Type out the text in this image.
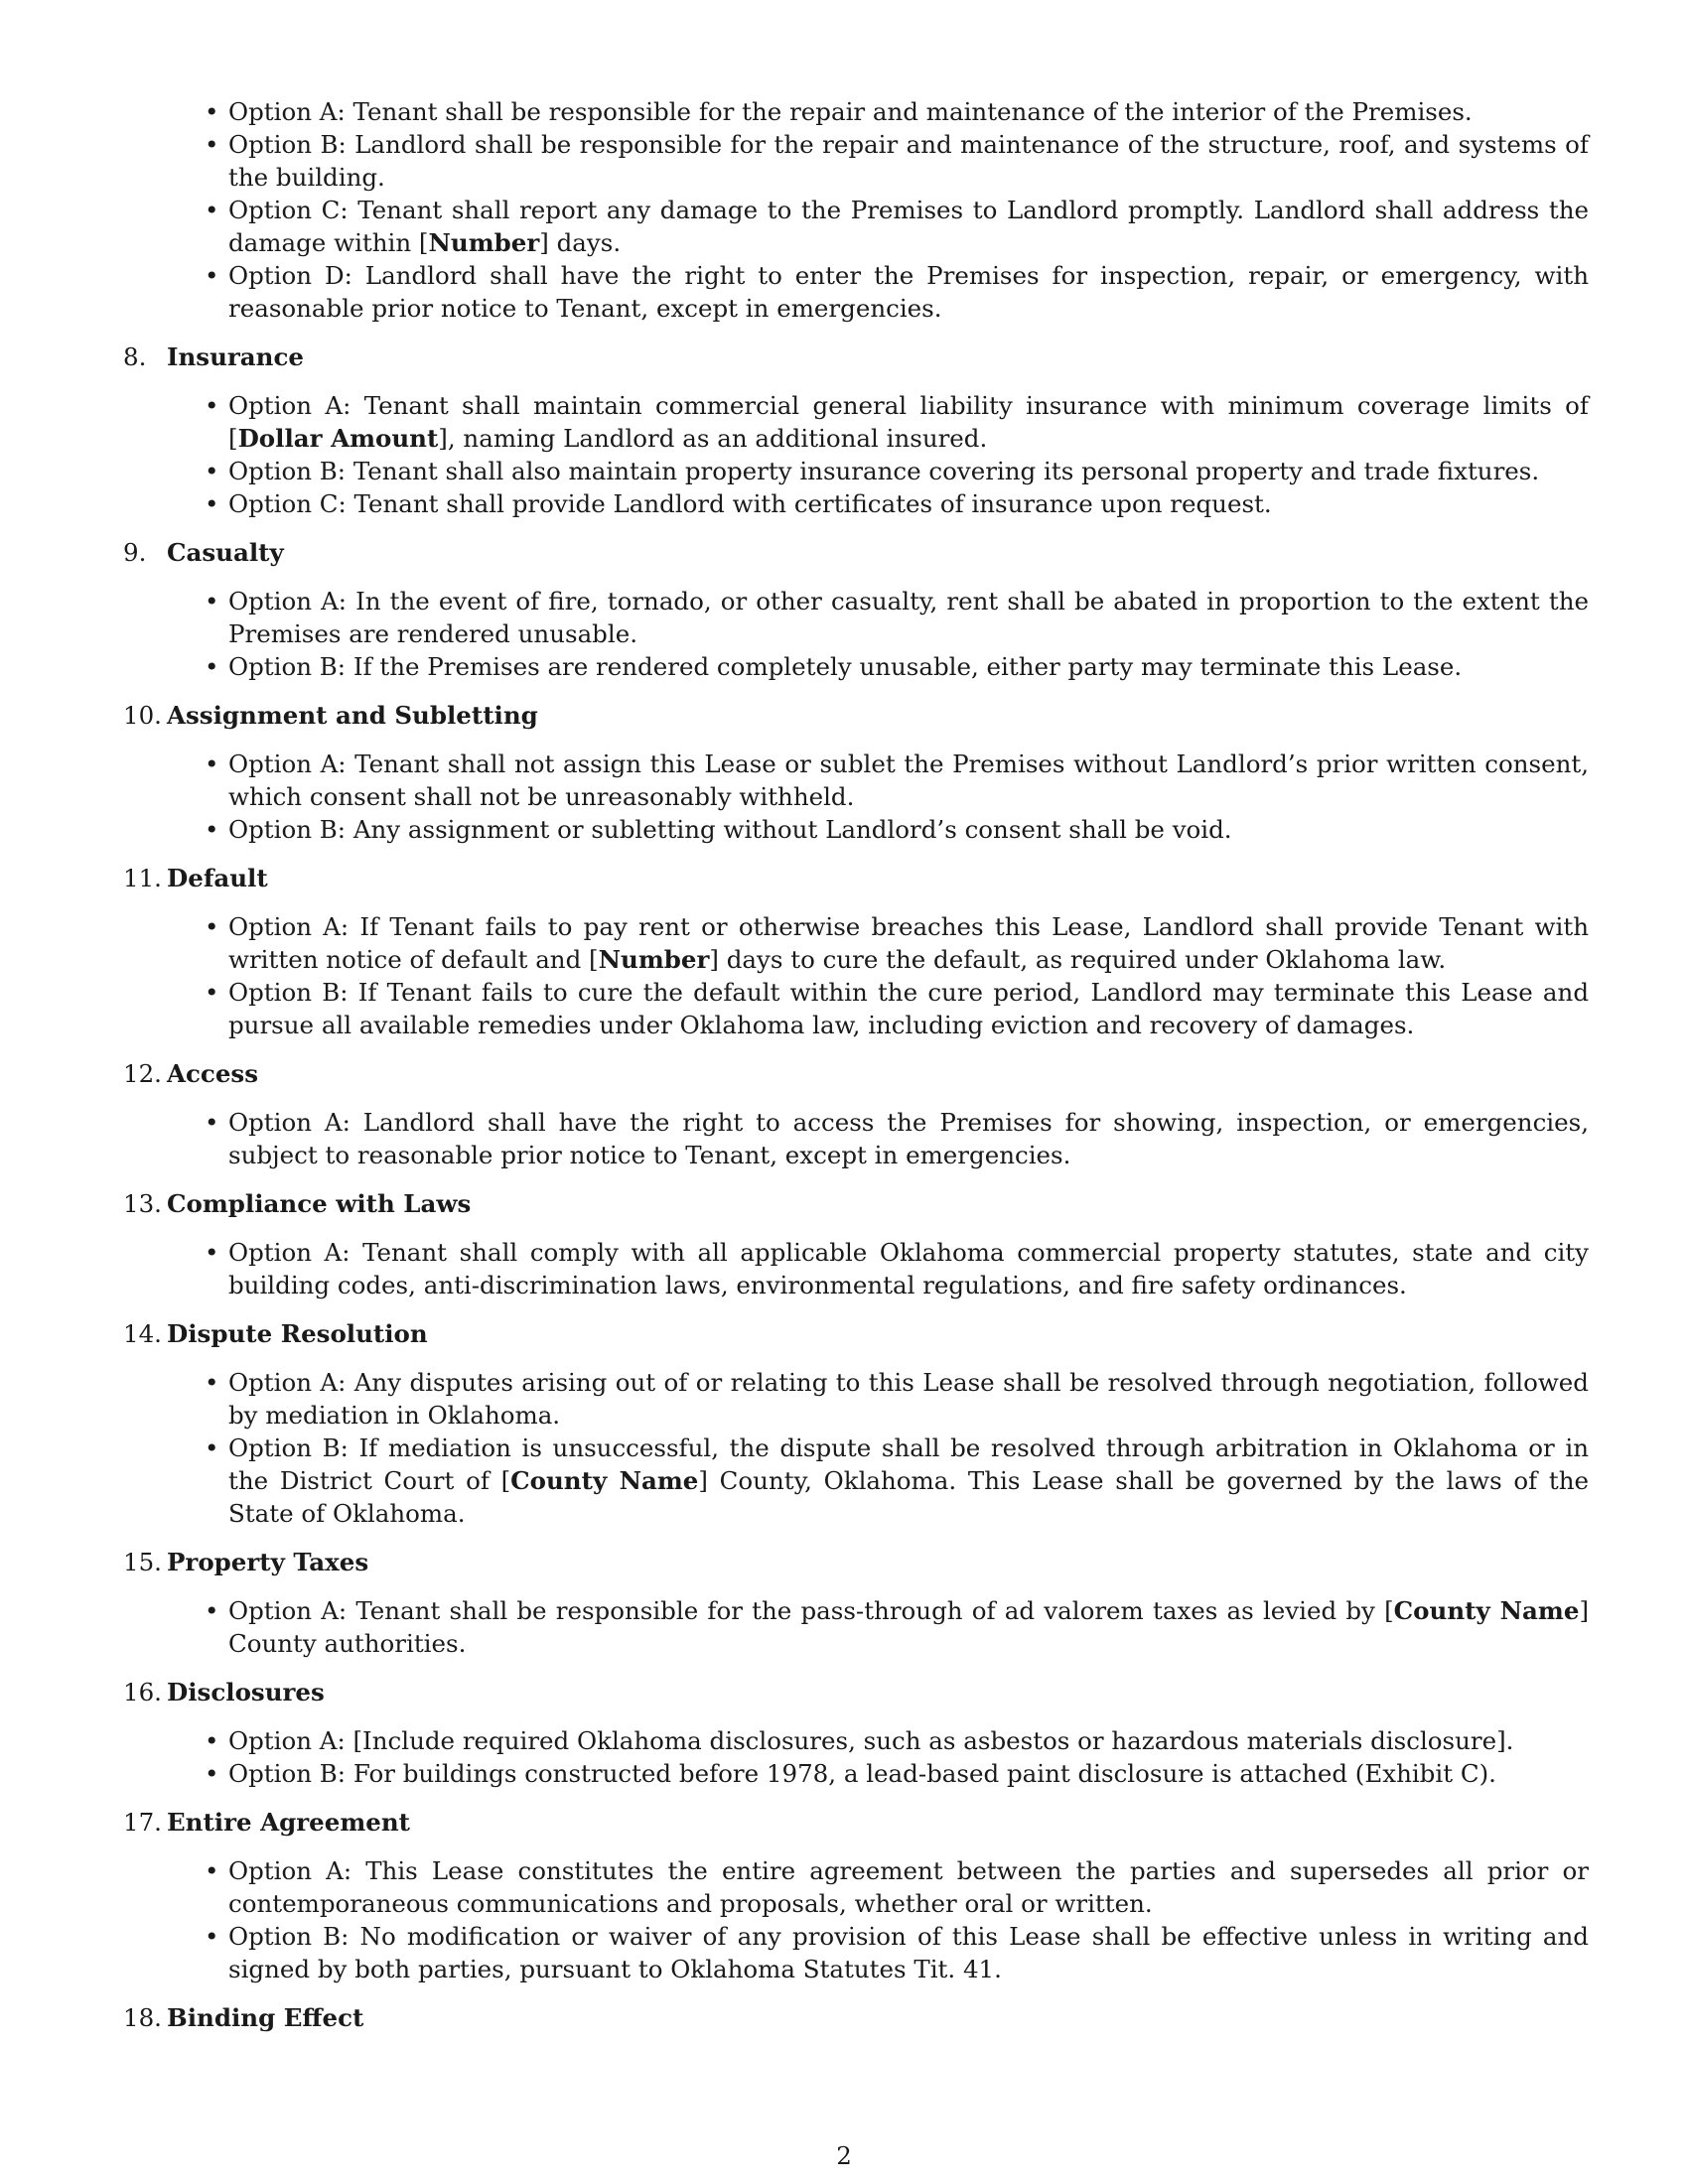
• Option A: Tenant shall be responsible for the repair and maintenance of the interior of the Premises.
• Option B: Landlord shall be responsible for the repair and maintenance of the structure, roof, and systems of the building.
• Option C: Tenant shall report any damage to the Premises to Landlord promptly. Landlord shall address the damage within [Number] days.
• Option D: Landlord shall have the right to enter the Premises for inspection, repair, or emergency, with reasonable prior notice to Tenant, except in emergencies.
8. Insurance
• Option A: Tenant shall maintain commercial general liability insurance with minimum coverage limits of [Dollar Amount], naming Landlord as an additional insured.
• Option B: Tenant shall also maintain property insurance covering its personal property and trade fixtures.
• Option C: Tenant shall provide Landlord with certificates of insurance upon request.
9. Casualty
• Option A: In the event of fire, tornado, or other casualty, rent shall be abated in proportion to the extent the Premises are rendered unusable.
• Option B: If the Premises are rendered completely unusable, either party may terminate this Lease.
10. Assignment and Subletting
• Option A: Tenant shall not assign this Lease or sublet the Premises without Landlord’s prior written consent, which consent shall not be unreasonably withheld.
• Option B: Any assignment or subletting without Landlord’s consent shall be void.
11. Default
• Option A: If Tenant fails to pay rent or otherwise breaches this Lease, Landlord shall provide Tenant with written notice of default and [Number] days to cure the default, as required under Oklahoma law.
• Option B: If Tenant fails to cure the default within the cure period, Landlord may terminate this Lease and pursue all available remedies under Oklahoma law, including eviction and recovery of damages.
12. Access
• Option A: Landlord shall have the right to access the Premises for showing, inspection, or emergencies, subject to reasonable prior notice to Tenant, except in emergencies.
13. Compliance with Laws
• Option A: Tenant shall comply with all applicable Oklahoma commercial property statutes, state and city building codes, anti-discrimination laws, environmental regulations, and fire safety ordinances.
14. Dispute Resolution
• Option A: Any disputes arising out of or relating to this Lease shall be resolved through negotiation, followed by mediation in Oklahoma.
• Option B: If mediation is unsuccessful, the dispute shall be resolved through arbitration in Oklahoma or in the District Court of [County Name] County, Oklahoma. This Lease shall be governed by the laws of the State of Oklahoma.
15. Property Taxes
• Option A: Tenant shall be responsible for the pass-through of ad valorem taxes as levied by [County Name] County authorities.
16. Disclosures
• Option A: [Include required Oklahoma disclosures, such as asbestos or hazardous materials disclosure].
• Option B: For buildings constructed before 1978, a lead-based paint disclosure is attached (Exhibit C).
17. Entire Agreement
• Option A: This Lease constitutes the entire agreement between the parties and supersedes all prior or contemporaneous communications and proposals, whether oral or written.
• Option B: No modification or waiver of any provision of this Lease shall be effective unless in writing and signed by both parties, pursuant to Oklahoma Statutes Tit. 41.
18. Binding Effect
2
